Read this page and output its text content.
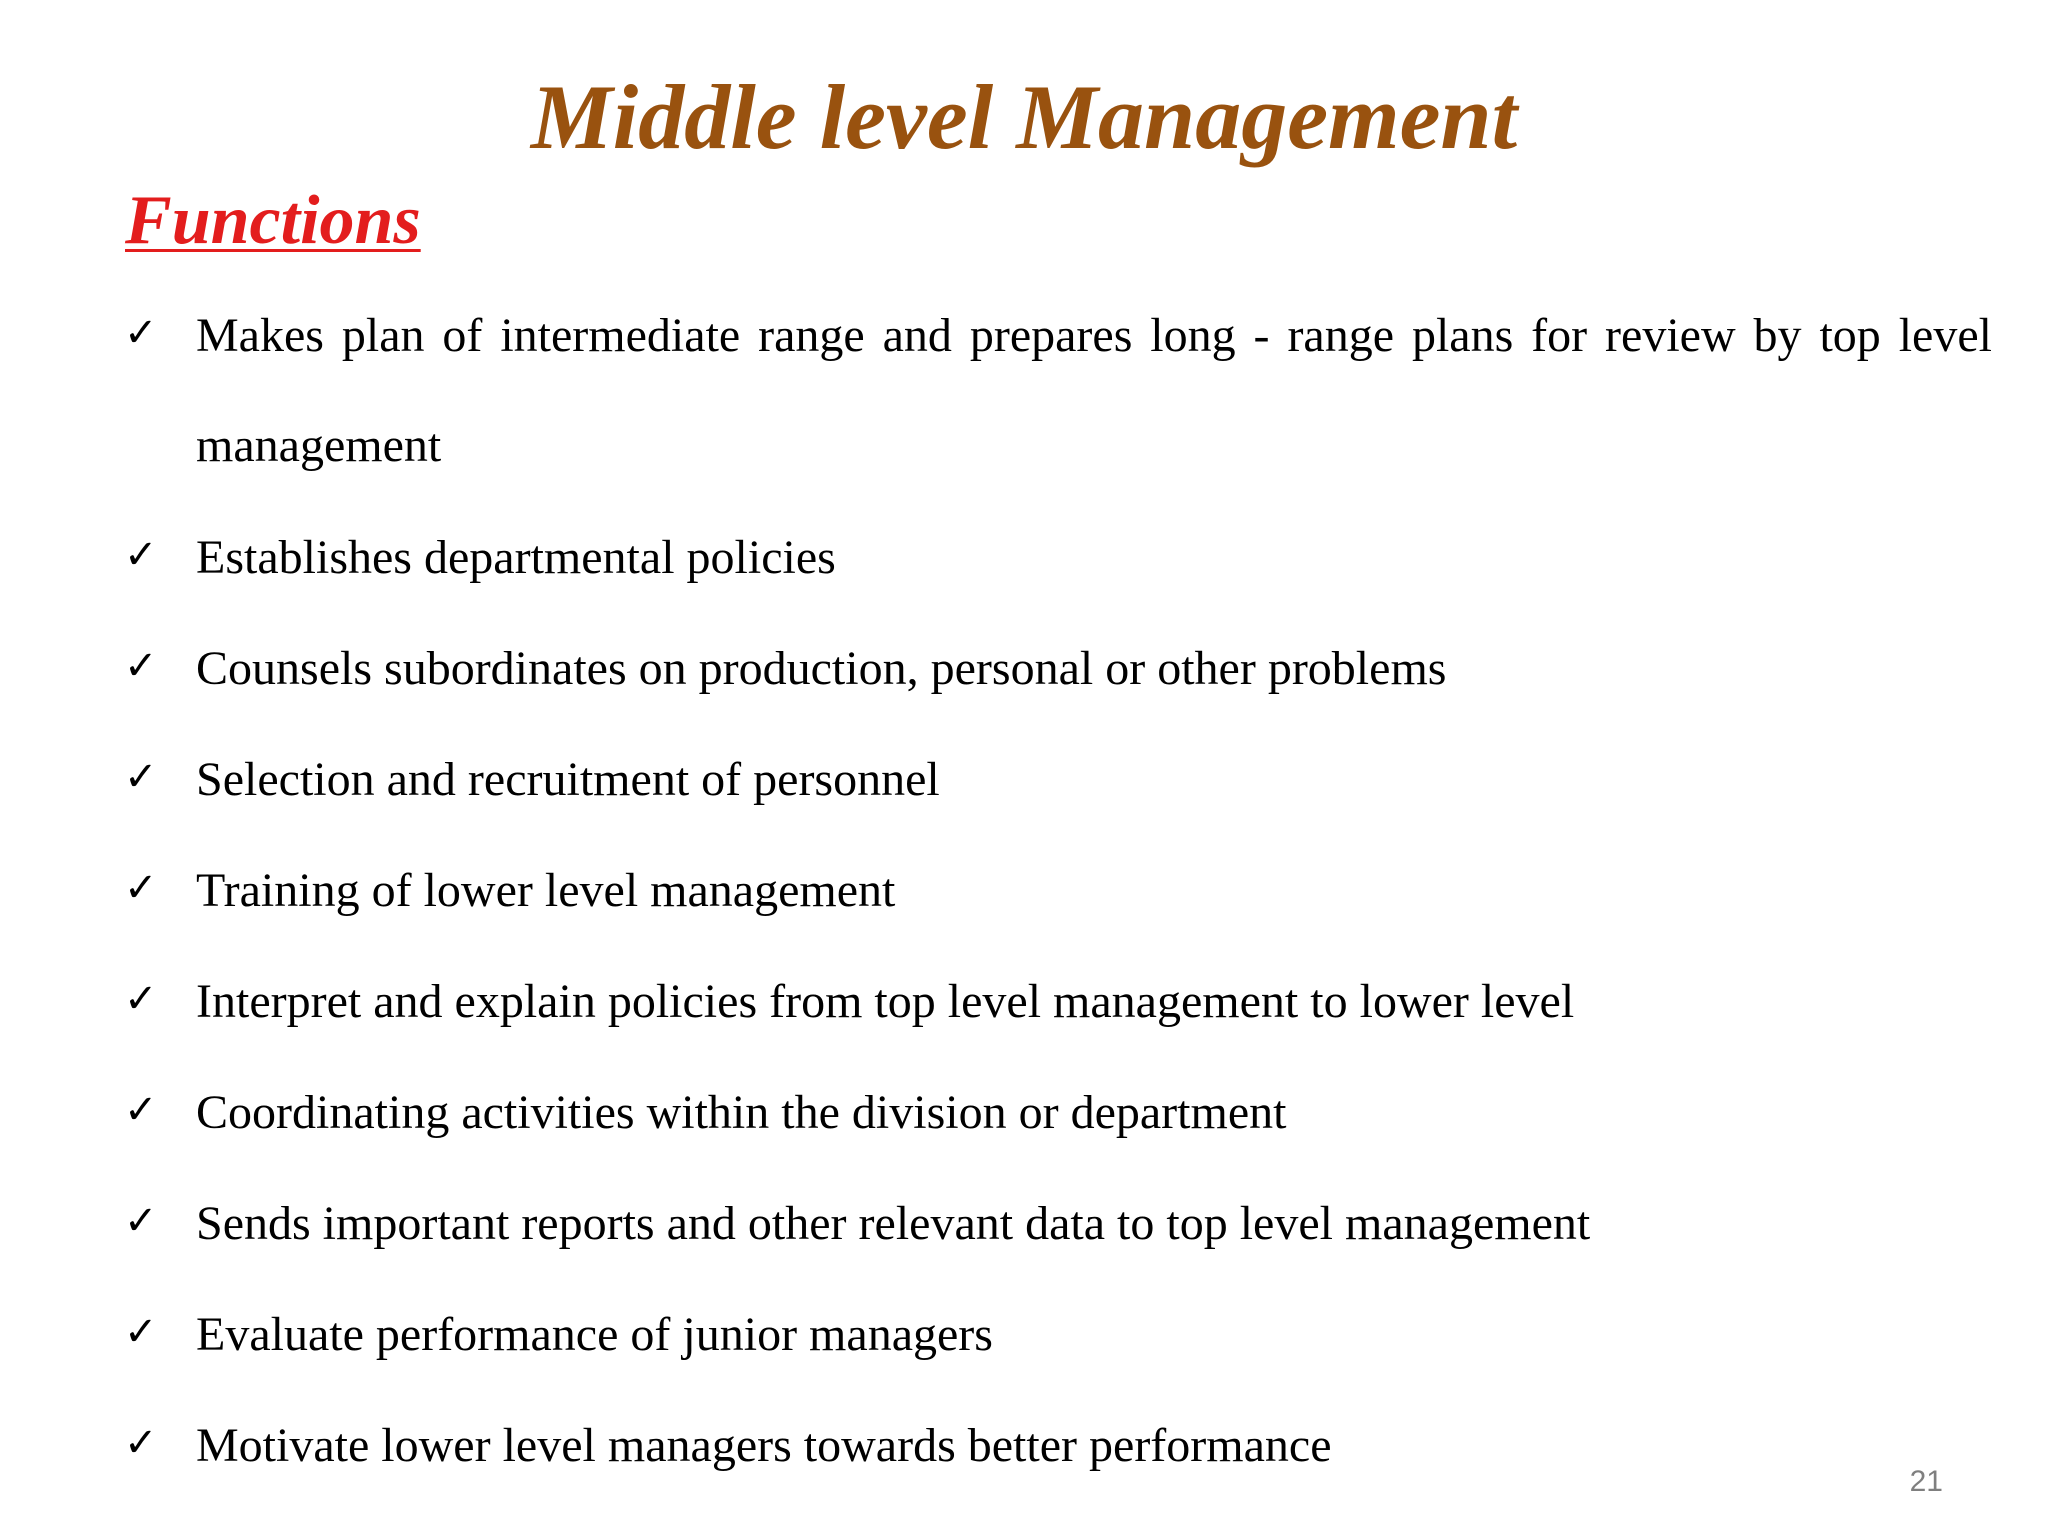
Middle level Management
Functions
✓ Makes plan of intermediate range and prepares long - range plans for review by top level management
✓ Establishes departmental policies
✓ Counsels subordinates on production, personal or other problems
✓ Selection and recruitment of personnel
✓ Training of lower level management
✓ Interpret and explain policies from top level management to lower level
✓ Coordinating activities within the division or department
✓ Sends important reports and other relevant data to top level management
✓ Evaluate performance of junior managers
✓ Motivate lower level managers towards better performance
21
